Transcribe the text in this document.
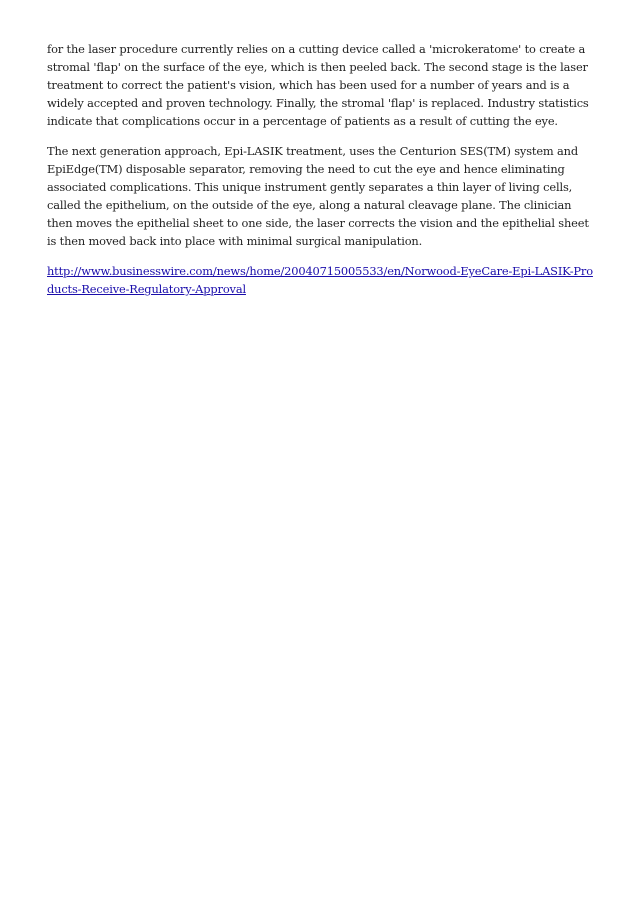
for the laser procedure currently relies on a cutting device called a 'microkeratome' to create a stromal 'flap' on the surface of the eye, which is then peeled back. The second stage is the laser treatment to correct the patient's vision, which has been used for a number of years and is a widely accepted and proven technology. Finally, the stromal 'flap' is replaced. Industry statistics indicate that complications occur in a percentage of patients as a result of cutting the eye.

The next generation approach, Epi-LASIK treatment, uses the Centurion SES(TM) system and EpiEdge(TM) disposable separator, removing the need to cut the eye and hence eliminating associated complications. This unique instrument gently separates a thin layer of living cells, called the epithelium, on the outside of the eye, along a natural cleavage plane. The clinician then moves the epithelial sheet to one side, the laser corrects the vision and the epithelial sheet is then moved back into place with minimal surgical manipulation.

http://www.businesswire.com/news/home/20040715005533/en/Norwood-EyeCare-Epi-LASIK-Products-Receive-Regulatory-Approval
